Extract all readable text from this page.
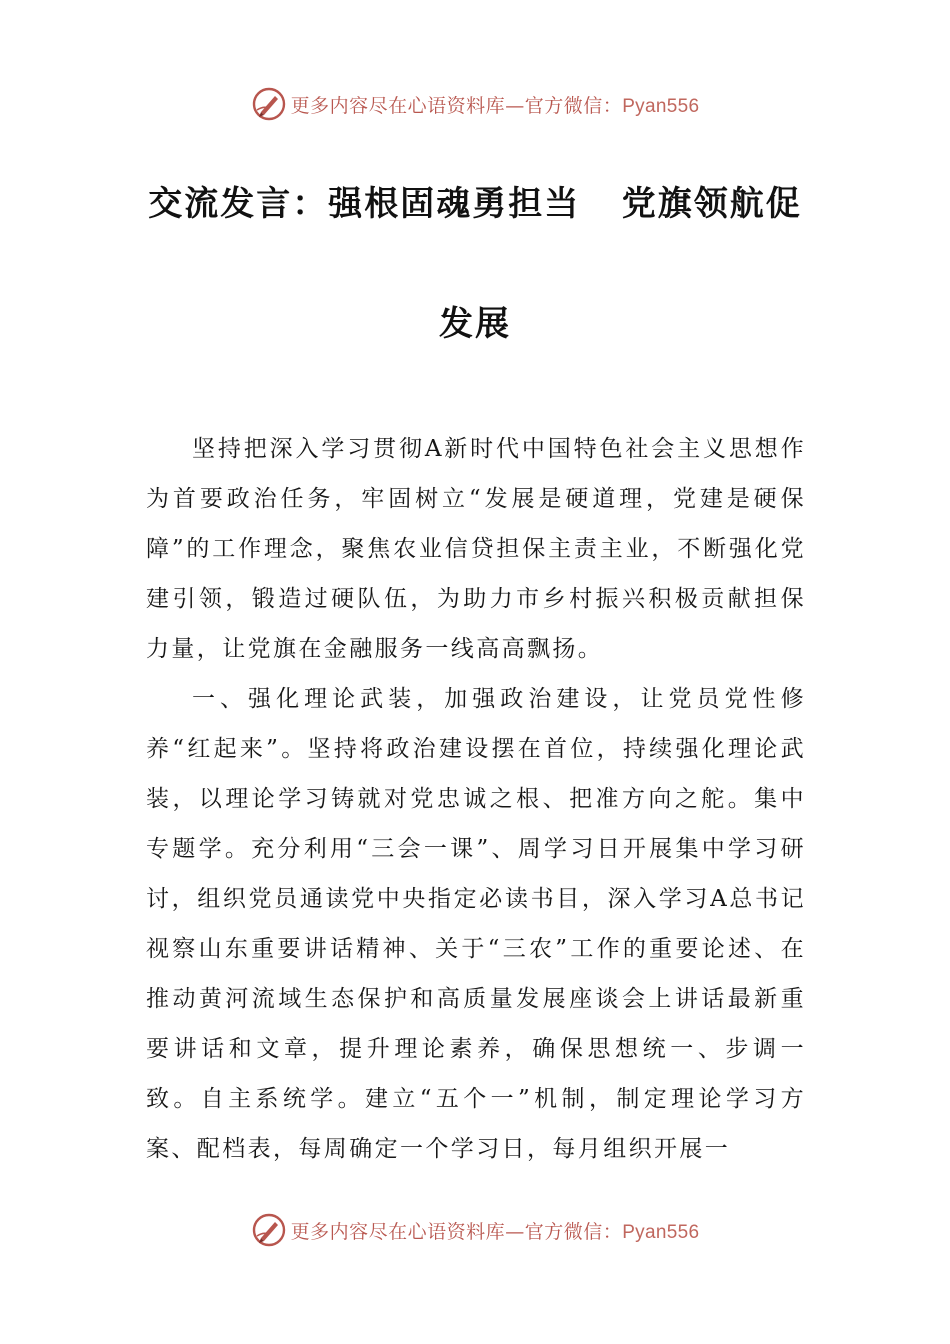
更多内容尽在心语资料库—官方微信：Pyan556
交流发言：强根固魂勇担当   党旗领航促
发展

坚持把深入学习贯彻A新时代中国特色社会主义思想作为首要政治任务，牢固树立“发展是硬道理，党建是硬保障”的工作理念，聚焦农业信贷担保主责主业，不断强化党建引领，锻造过硬队伍，为助力市乡村振兴积极贡献担保力量，让党旗在金融服务一线高高飘扬。

一、强化理论武装，加强政治建设，让党员党性修养“红起来”。坚持将政治建设摆在首位，持续强化理论武装，以理论学习铸就对党忠诚之根、把准方向之舵。集中专题学。充分利用“三会一课”、周学习日开展集中学习研讨，组织党员通读党中央指定必读书目，深入学习A总书记视察山东重要讲话精神、关于“三农”工作的重要论述、在推动黄河流域生态保护和高质量发展座谈会上讲话最新重要讲话和文章，提升理论素养，确保思想统一、步调一致。自主系统学。建立“五个一”机制，制定理论学习方案、配档表，每周确定一个学习日，每月组织开展一

更多内容尽在心语资料库—官方微信：Pyan556
